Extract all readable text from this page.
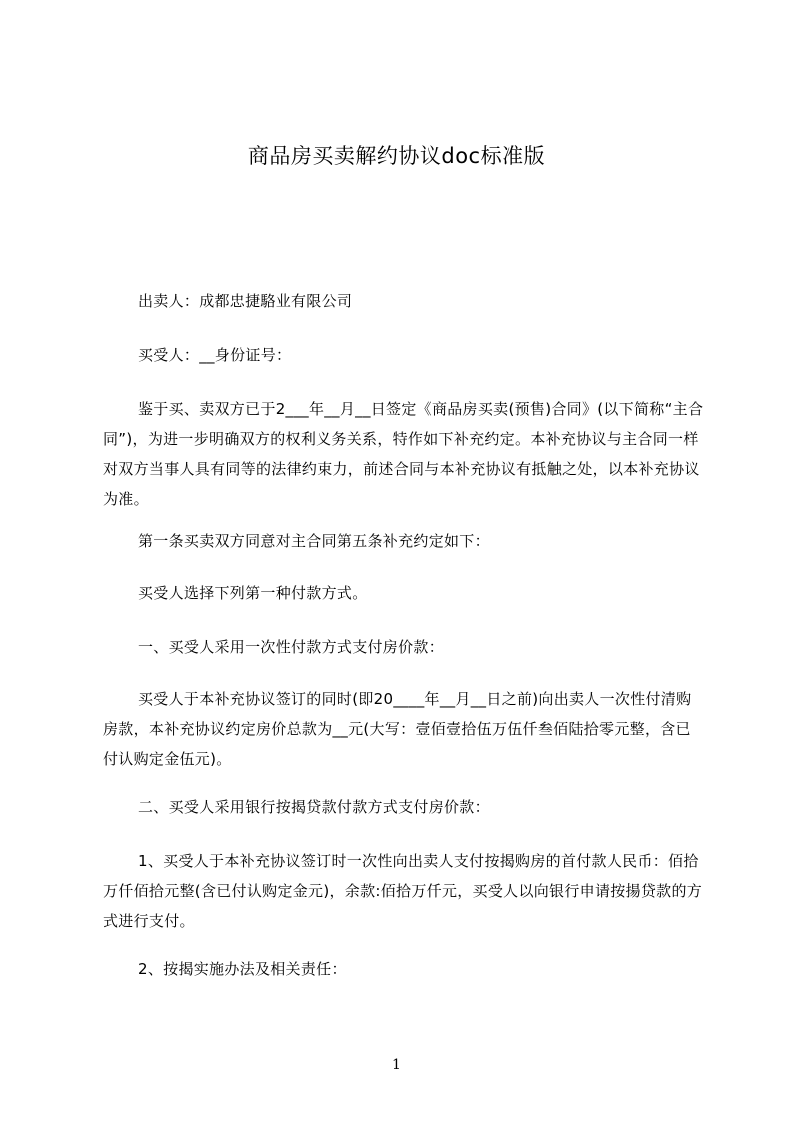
商品房买卖解约协议doc标准版
出卖人：成都忠捷駱业有限公司
买受人：__身份证号：
鉴于买、卖双方已于2___年__月__日签定《商品房买卖(预售)合同》(以下简称“主合同”)，为进一步明确双方的权利义务关系，特作如下补充约定。本补充协议与主合同一样对双方当事人具有同等的法律约束力，前述合同与本补充协议有抵触之处，以本补充协议为准。
第一条买卖双方同意对主合同第五条补充约定如下：
买受人选择下列第一种付款方式。
一、买受人采用一次性付款方式支付房价款：
买受人于本补充协议签订的同时(即20____年__月__日之前)向出卖人一次性付清购房款，本补充协议约定房价总款为__元(大写：壹佰壹拾伍万伍仟叁佰陆拾零元整，含已付认购定金伍元)。
二、买受人采用银行按揭贷款付款方式支付房价款：
1、买受人于本补充协议签订时一次性向出卖人支付按揭购房的首付款人民币：佰拾万仟佰拾元整(含已付认购定金元)，余款:佰拾万仟元，买受人以向银行申请按揚贷款的方式进行支付。
2、按揭实施办法及相关责任：
1
